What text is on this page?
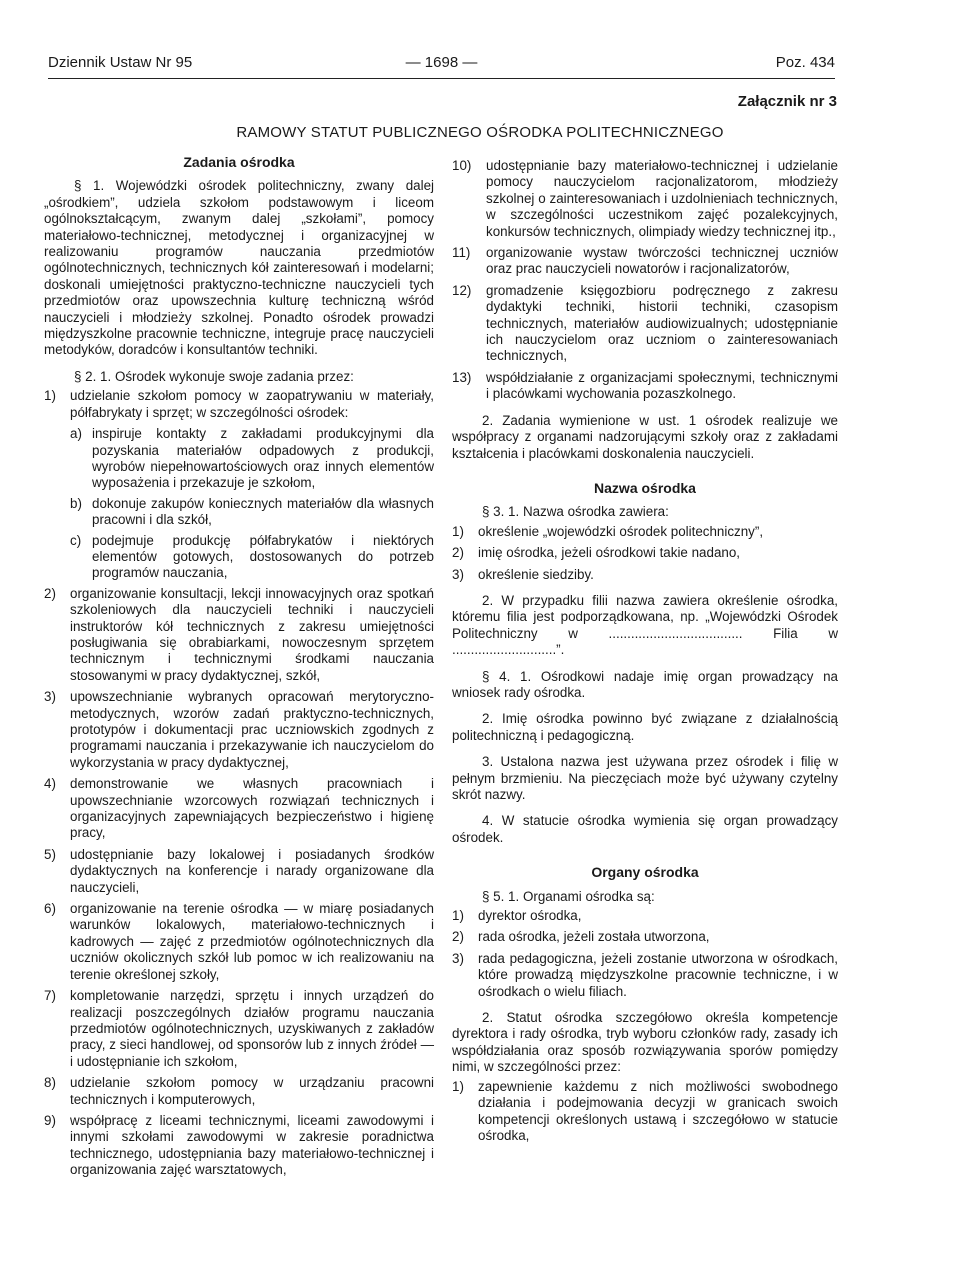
Dziennik Ustaw Nr 95	— 1698 —	Poz. 434
Załącznik nr 3
RAMOWY STATUT PUBLICZNEGO OŚRODKA POLITECHNICZNEGO
Zadania ośrodka

§ 1. Wojewódzki ośrodek politechniczny, zwany dalej „ośrodkiem”, udziela szkołom podstawowym i liceom ogólnokształcącym, zwanym dalej „szkołami”, pomocy materiałowo-technicznej, metodycznej i organizacyjnej w realizowaniu programów nauczania przedmiotów ogólnotechnicznych, technicznych kół zainteresowań i modelarni; doskonali umiejętności praktyczno-techniczne nauczycieli tych przedmiotów oraz upowszechnia kulturę techniczną wśród nauczycieli i młodzieży szkolnej. Ponadto ośrodek prowadzi międzyszkolne pracownie techniczne, integruje pracę nauczycieli metodyków, doradców i konsultantów techniki.

§ 2. 1. Ośrodek wykonuje swoje zadania przez:

1)	udzielanie szkołom pomocy w zaopatrywaniu w materiały, półfabrykaty i sprzęt; w szczególności ośrodek:
a) inspiruje kontakty z zakładami produkcyjnymi dla pozyskania materiałów odpadowych z produkcji, wyrobów niepełnowartościowych oraz innych elementów wyposażenia i przekazuje je szkołom,
b) dokonuje zakupów koniecznych materiałów dla własnych pracowni i dla szkół,
c) podejmuje produkcję półfabrykatów i niektórych elementów gotowych, dostosowanych do potrzeb programów nauczania,
2)	organizowanie konsultacji, lekcji innowacyjnych oraz spotkań szkoleniowych dla nauczycieli techniki i nauczycieli instruktorów kół technicznych z zakresu umiejętności posługiwania się obrabiarkami, nowoczesnym sprzętem technicznym i technicznymi środkami nauczania stosowanymi w pracy dydaktycznej, szkół,
3)	upowszechnianie wybranych opracowań merytoryczno-metodycznych, wzorów zadań praktyczno-technicznych, prototypów i dokumentacji prac uczniowskich zgodnych z programami nauczania i przekazywanie ich nauczycielom do wykorzystania w pracy dydaktycznej,
4)	demonstrowanie we własnych pracowniach i upowszechnianie wzorcowych rozwiązań technicznych i organizacyjnych zapewniających bezpieczeństwo i higienę pracy,
5)	udostępnianie bazy lokalowej i posiadanych środków dydaktycznych na konferencje i narady organizowane dla nauczycieli,
6)	organizowanie na terenie ośrodka — w miarę posiadanych warunków lokalowych, materiałowo-technicznych i kadrowych — zajęć z przedmiotów ogólnotechnicznych dla uczniów okolicznych szkół lub pomoc w ich realizowaniu na terenie określonej szkoły,
7)	kompletowanie narzędzi, sprzętu i innych urządzeń do realizacji poszczególnych działów programu nauczania przedmiotów ogólnotechnicznych, uzyskiwanych z zakładów pracy, z sieci handlowej, od sponsorów lub z innych źródeł — i udostępnianie ich szkołom,
8)	udzielanie szkołom pomocy w urządzaniu pracowni technicznych i komputerowych,
9)	współpracę z liceami technicznymi, liceami zawodowymi i innymi szkołami zawodowymi w zakresie poradnictwa technicznego, udostępniania bazy materiałowo-technicznej i organizowania zajęć warsztatowych,
10)	udostępnianie bazy materiałowo-technicznej i udzielanie pomocy nauczycielom racjonalizatorom, młodzieży szkolnej o zainteresowaniach i uzdolnieniach technicznych, w szczególności uczestnikom zajęć pozalekcyjnych, konkursów technicznych, olimpiady wiedzy technicznej itp.,
11)	organizowanie wystaw twórczości technicznej uczniów oraz prac nauczycieli nowatorów i racjonalizatorów,
12)	gromadzenie księgozbioru podręcznego z zakresu dydaktyki techniki, historii techniki, czasopism technicznych, materiałów audiowizualnych; udostępnianie ich nauczycielom oraz uczniom o zainteresowaniach technicznych,
13)	współdziałanie z organizacjami społecznymi, technicznymi i placówkami wychowania pozaszkolnego.

2. Zadania wymienione w ust. 1 ośrodek realizuje we współpracy z organami nadzorującymi szkoły oraz z zakładami kształcenia i placówkami doskonalenia nauczycieli.

Nazwa ośrodka

§ 3. 1. Nazwa ośrodka zawiera:

1)	określenie „wojewódzki ośrodek politechniczny”,
2)	imię ośrodka, jeżeli ośrodkowi takie nadano,
3)	określenie siedziby.

2. W przypadku filii nazwa zawiera określenie ośrodka, któremu filia jest podporządkowana, np. „Wojewódzki Ośrodek Politechniczny w .................................... Filia w ............................”.

§ 4. 1. Ośrodkowi nadaje imię organ prowadzący na wniosek rady ośrodka.

2. Imię ośrodka powinno być związane z działalnością politechniczną i pedagogiczną.

3. Ustalona nazwa jest używana przez ośrodek i filię w pełnym brzmieniu. Na pieczęciach może być używany czytelny skrót nazwy.

4. W statucie ośrodka wymienia się organ prowadzący ośrodek.

Organy ośrodka

§ 5. 1. Organami ośrodka są:

1)	dyrektor ośrodka,
2)	rada ośrodka, jeżeli została utworzona,
3)	rada pedagogiczna, jeżeli zostanie utworzona w ośrodkach, które prowadzą międzyszkolne pracownie techniczne, i w ośrodkach o wielu filiach.

2. Statut ośrodka szczegółowo określa kompetencje dyrektora i rady ośrodka, tryb wyboru członków rady, zasady ich współdziałania oraz sposób rozwiązywania sporów pomiędzy nimi, w szczególności przez:

1)	zapewnienie każdemu z nich możliwości swobodnego działania i podejmowania decyzji w granicach swoich kompetencji określonych ustawą i szczegółowo w statucie ośrodka,
